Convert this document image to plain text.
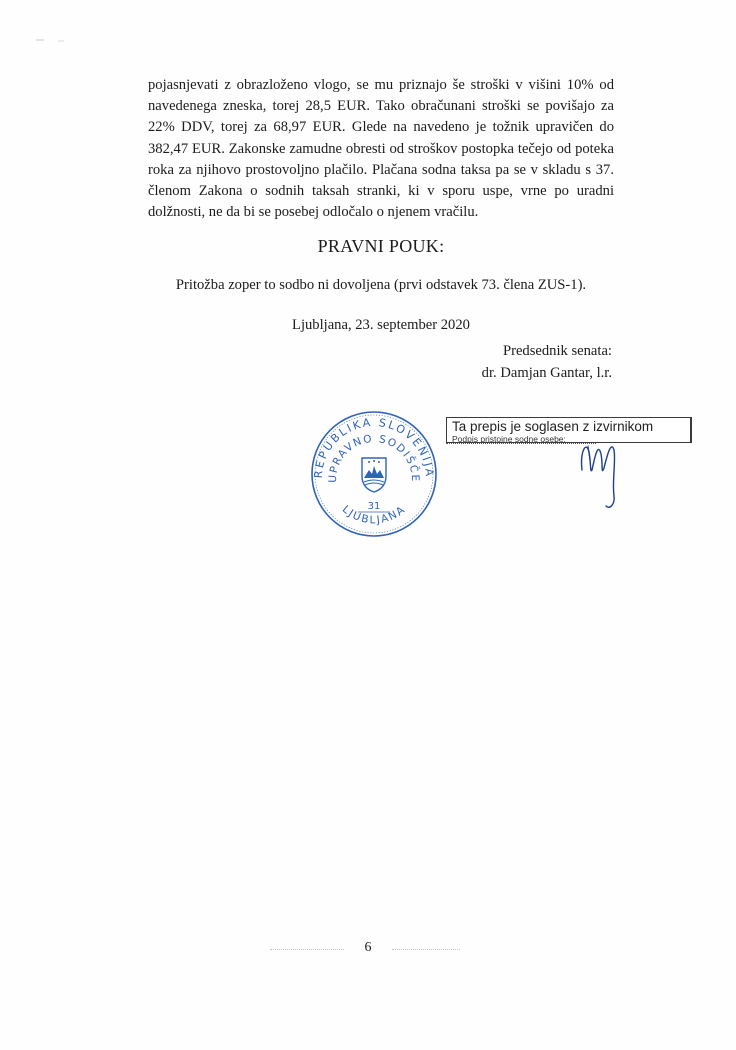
pojasnjevati z obrazloženo vlogo, se mu priznajo še stroški v višini 10% od navedenega zneska, torej 28,5 EUR. Tako obračunani stroški se povišajo za 22% DDV, torej za 68,97 EUR. Glede na navedeno je tožnik upravičen do 382,47 EUR. Zakonske zamudne obresti od stroškov postopka tečejo od poteka roka za njihovo prostovoljno plačilo. Plačana sodna taksa pa se v skladu s 37. členom Zakona o sodnih taksah stranki, ki v sporu uspe, vrne po uradni dolžnosti, ne da bi se posebej odločalo o njenem vračilu.

PRAVNI POUK:

Pritožba zoper to sodbo ni dovoljena (prvi odstavek 73. člena ZUS-1).

Ljubljana, 23. september 2020

Predsednik senata:
dr. Damjan Gantar, l.r.
REPUBLIKA SLOVENIJA
UPRAVNO SODIŠČE
LJUBLJANA
31
Ta prepis je soglasen z izvirnikom
Podpis pristojne sodne osebe:

6
